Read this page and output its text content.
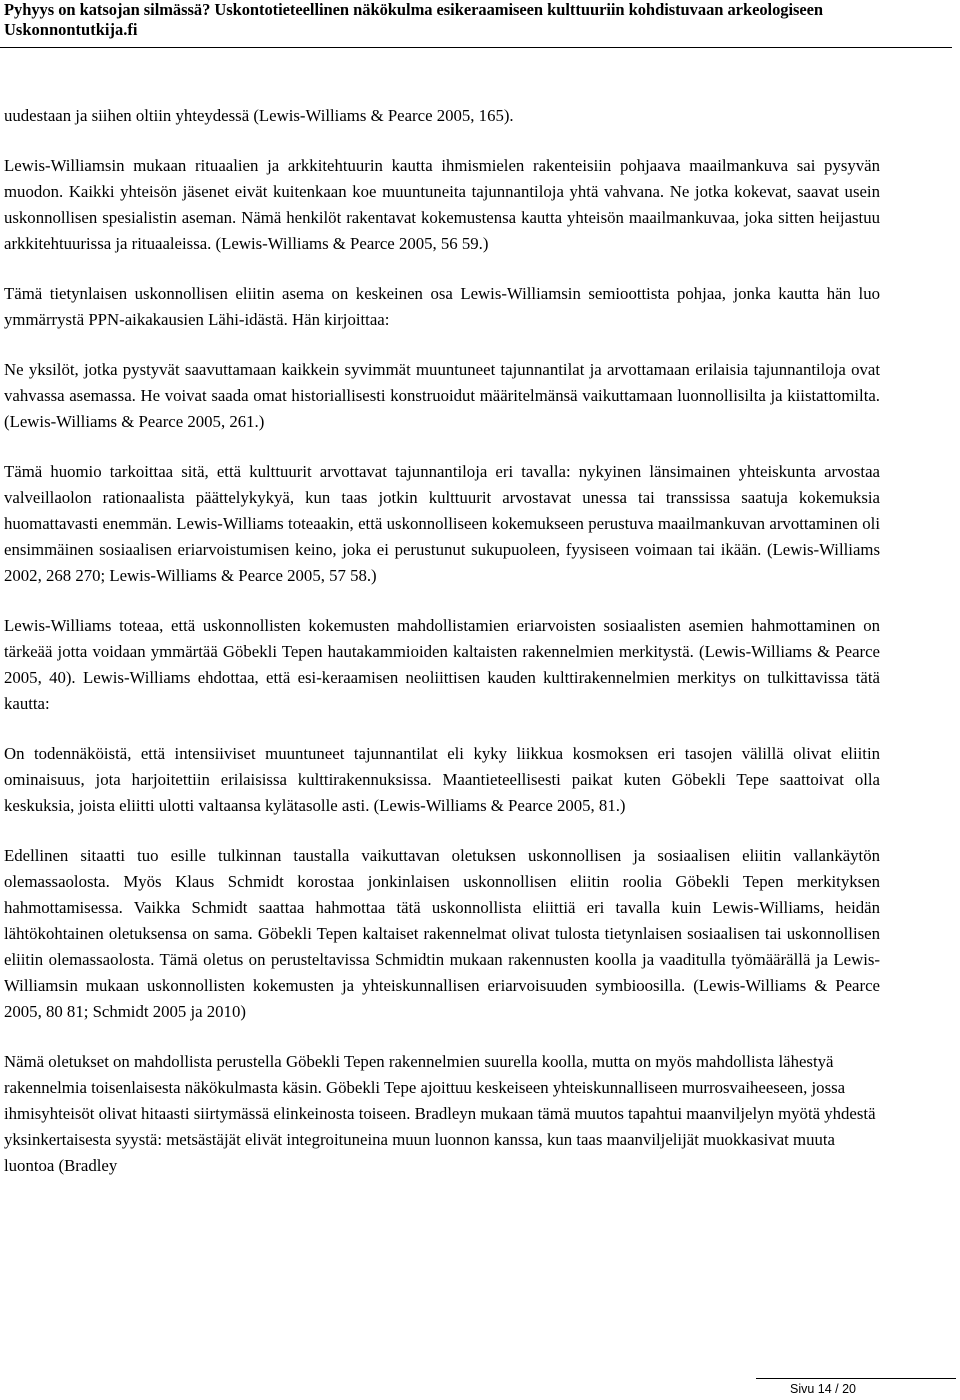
Pyhyys on katsojan silmässä? Uskontotieteellinen näkökulma esikeraamiseen kulttuuriin kohdistuvaan arkeologiseen
Uskonnontutkija.fi

uudestaan ja siihen oltiin yhteydessä (Lewis-Williams & Pearce 2005, 165).

Lewis-Williamsin mukaan rituaalien ja arkkitehtuurin kautta ihmismielen rakenteisiin pohjaava maailmankuva sai pysyvän muodon. Kaikki yhteisön jäsenet eivät kuitenkaan koe muuntuneita tajunnantiloja yhtä vahvana. Ne jotka kokevat, saavat usein uskonnollisen spesialistin aseman. Nämä henkilöt rakentavat kokemustensa kautta yhteisön maailmankuvaa, joka sitten heijastuu arkkitehtuurissa ja rituaaleissa. (Lewis-Williams & Pearce 2005, 56 59.)

Tämä tietynlaisen uskonnollisen eliitin asema on keskeinen osa Lewis-Williamsin semioottista pohjaa, jonka kautta hän luo ymmärrystä PPN-aikakausien Lähi-idästä. Hän kirjoittaa:

Ne yksilöt, jotka pystyvät saavuttamaan kaikkein syvimmät muuntuneet tajunnantilat ja arvottamaan erilaisia tajunnantiloja ovat vahvassa asemassa. He voivat saada omat historiallisesti konstruoidut määritelmänsä vaikuttamaan luonnollisilta ja kiistattomilta. (Lewis-Williams & Pearce 2005, 261.)

Tämä huomio tarkoittaa sitä, että kulttuurit arvottavat tajunnantiloja eri tavalla: nykyinen länsimainen yhteiskunta arvostaa valveillaolon rationaalista päättelykykyä, kun taas jotkin kulttuurit arvostavat unessa tai transsissa saatuja kokemuksia huomattavasti enemmän. Lewis-Williams toteaakin, että uskonnolliseen kokemukseen perustuva maailmankuvan arvottaminen oli ensimmäinen sosiaalisen eriarvoistumisen keino, joka ei perustunut sukupuoleen, fyysiseen voimaan tai ikään. (Lewis-Williams 2002, 268 270; Lewis-Williams & Pearce 2005, 57 58.)

Lewis-Williams toteaa, että uskonnollisten kokemusten mahdollistamien eriarvoisten sosiaalisten asemien hahmottaminen on tärkeää jotta voidaan ymmärtää Göbekli Tepen hautakammioiden kaltaisten rakennelmien merkitystä. (Lewis-Williams & Pearce 2005, 40). Lewis-Williams ehdottaa, että esi-keraamisen neoliittisen kauden kulttirakennelmien merkitys on tulkittavissa tätä kautta:

On todennäköistä, että intensiiviset muuntuneet tajunnantilat eli kyky liikkua kosmoksen eri tasojen välillä olivat eliitin ominaisuus, jota harjoitettiin erilaisissa kulttirakennuksissa. Maantieteellisesti paikat kuten Göbekli Tepe saattoivat olla keskuksia, joista eliitti ulotti valtaansa kylätasolle asti. (Lewis-Williams & Pearce 2005, 81.)

Edellinen sitaatti tuo esille tulkinnan taustalla vaikuttavan oletuksen uskonnollisen ja sosiaalisen eliitin vallankäytön olemassaolosta. Myös Klaus Schmidt korostaa jonkinlaisen uskonnollisen eliitin roolia Göbekli Tepen merkityksen hahmottamisessa. Vaikka Schmidt saattaa hahmottaa tätä uskonnollista eliittiä eri tavalla kuin Lewis-Williams, heidän lähtökohtainen oletuksensa on sama. Göbekli Tepen kaltaiset rakennelmat olivat tulosta tietynlaisen sosiaalisen tai uskonnollisen eliitin olemassaolosta. Tämä oletus on perusteltavissa Schmidtin mukaan rakennusten koolla ja vaaditulla työmäärällä ja Lewis-Williamsin mukaan uskonnollisten kokemusten ja yhteiskunnallisen eriarvoisuuden symbioosilla. (Lewis-Williams & Pearce 2005, 80 81; Schmidt 2005 ja 2010)

Nämä oletukset on mahdollista perustella Göbekli Tepen rakennelmien suurella koolla, mutta on myös mahdollista lähestyä rakennelmia toisenlaisesta näkökulmasta käsin. Göbekli Tepe ajoittuu keskeiseen yhteiskunnalliseen murrosvaiheeseen, jossa ihmisyhteisöt olivat hitaasti siirtymässä elinkeinosta toiseen. Bradleyn mukaan tämä muutos tapahtui maanviljelyn myötä yhdestä yksinkertaisesta syystä: metsästäjät elivät integroituneina muun luonnon kanssa, kun taas maanviljelijät muokkasivat muuta luontoa (Bradley

Sivu 14 / 20
